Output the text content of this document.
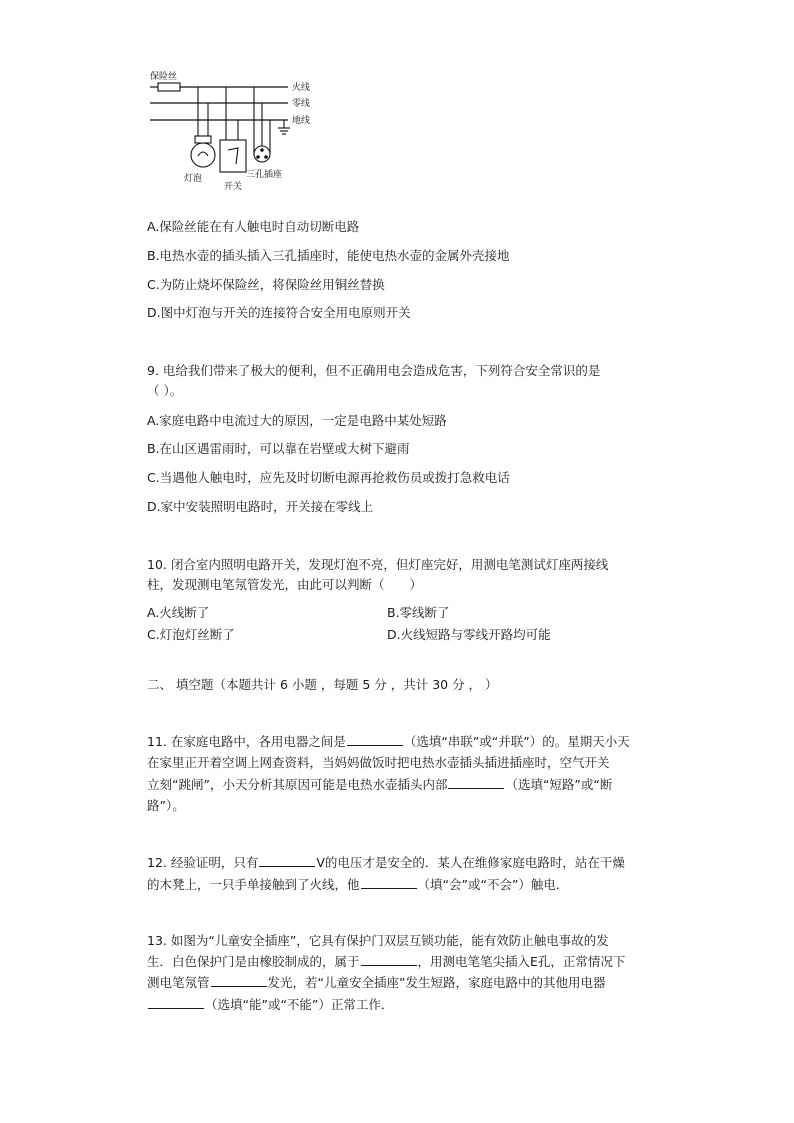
保险丝
火线
零线
地线
灯泡
开关
三孔插座
A.保险丝能在有人触电时自动切断电路
B.电热水壶的插头插入三孔插座时，能使电热水壶的金属外壳接地
C.为防止烧坏保险丝，将保险丝用铜丝替换
D.图中灯泡与开关的连接符合安全用电原则开关
9. 电给我们带来了极大的便利，但不正确用电会造成危害，下列符合安全常识的是
（ ）。
A.家庭电路中电流过大的原因，一定是电路中某处短路
B.在山区遇雷雨时，可以靠在岩壁或大树下避雨
C.当遇他人触电时，应先及时切断电源再抢救伤员或拨打急救电话
D.家中安装照明电路时，开关接在零线上
10. 闭合室内照明电路开关，发现灯泡不亮，但灯座完好，用测电笔测试灯座两接线
柱，发现测电笔氖管发光，由此可以判断（　　）
A.火线断了	B.零线断了
C.灯泡灯丝断了	D.火线短路与零线开路均可能
二、 填空题（本题共计 6 小题 ，每题 5 分 ，共计 30 分 ， ）
11. 在家庭电路中，各用电器之间是	（选填“串联”或“并联”）的。星期天小天
在家里正开着空调上网查资料，当妈妈做饭时把电热水壶插头插进插座时，空气开关
立刻“跳闸”，小天分析其原因可能是电热水壶插头内部	（选填“短路”或“断
路”）。
12. 经验证明，只有	V的电压才是安全的．某人在维修家庭电路时，站在干燥
的木凳上，一只手单接触到了火线，他	（填“会”或“不会”）触电．
13. 如图为“儿童安全插座”，它具有保护门双层互锁功能，能有效防止触电事故的发
生．白色保护门是由橡胶制成的，属于	，用测电笔笔尖插入E孔，正常情况下
测电笔氖管	发光，若“儿童安全插座”发生短路，家庭电路中的其他用电器
（选填“能”或“不能”）正常工作．
